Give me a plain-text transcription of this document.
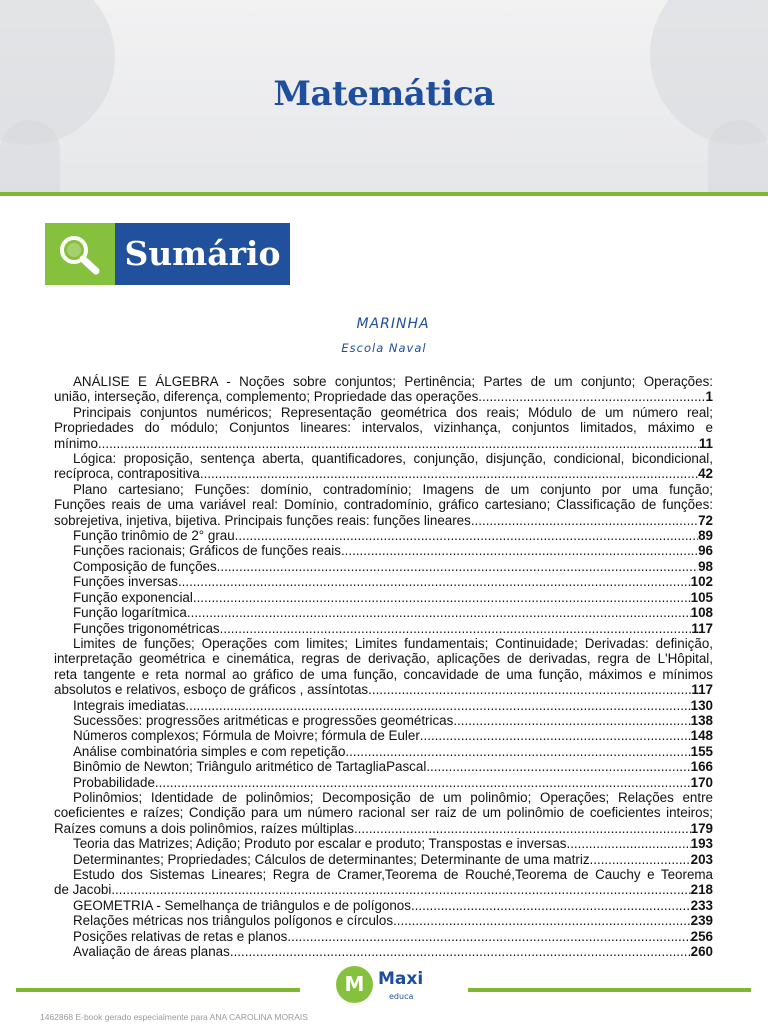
Matemática
Sumário
MARINHA
Escola Naval
ANÁLISE E ÁLGEBRA - Noções sobre conjuntos; Pertinência; Partes de um conjunto; Operações:
união, interseção, diferença, complemento; Propriedade das operações .....	1
Principais conjuntos numéricos; Representação geométrica dos reais; Módulo de um número real;
Propriedades do módulo; Conjuntos lineares: intervalos, vizinhança, conjuntos limitados, máximo e
mínimo .....	11
Lógica: proposição, sentença aberta, quantificadores, conjunção, disjunção, condicional, bicondicional,
recíproca, contrapositiva .....	42
Plano cartesiano; Funções: domínio, contradomínio; Imagens de um conjunto por uma função;
Funções reais de uma variável real: Domínio, contradomínio, gráfico cartesiano; Classificação de funções:
sobrejetiva, injetiva, bijetiva. Principais funções reais: funções lineares .....	72
Função trinômio de 2° grau .....	89
Funções racionais; Gráficos de funções reais .....	96
Composição de funções .....	98
Funções inversas .....	102
Função exponencial .....	105
Função logarítmica .....	108
Funções trigonométricas .....	117
Limites de funções; Operações com limites; Limites fundamentais; Continuidade; Derivadas: definição,
interpretação geométrica e cinemática, regras de derivação, aplicações de derivadas, regra de L'Hôpital,
reta tangente e reta normal ao gráfico de uma função, concavidade de uma função, máximos e mínimos
absolutos e relativos, esboço de gráficos , assíntotas .....	117
Integrais imediatas .....	130
Sucessões: progressões aritméticas e progressões geométricas .....	138
Números complexos; Fórmula de Moivre; fórmula de Euler .....	148
Análise combinatória simples e com repetição .....	155
Binômio de Newton; Triângulo aritmético de TartagliaPascal .....	166
Probabilidade .....	170
Polinômios; Identidade de polinômios; Decomposição de um polinômio; Operações; Relações entre
coeficientes e raízes; Condição para um número racional ser raiz de um polinômio de coeficientes inteiros;
Raízes comuns a dois polinômios, raízes múltiplas .....	179
Teoria das Matrizes; Adição; Produto por escalar e produto; Transpostas e inversas .....	193
Determinantes; Propriedades; Cálculos de determinantes; Determinante de uma matriz .....	203
Estudo dos Sistemas Lineares; Regra de Cramer,Teorema de Rouché,Teorema de Cauchy e Teorema
de Jacobi .....	218
GEOMETRIA - Semelhança de triângulos e de polígonos .....	233
Relações métricas nos triângulos polígonos e círculos .....	239
Posições relativas de retas e planos .....	256
Avaliação de áreas planas .....	260
M Maxi
educa
1462868 E-book gerado especialmente para ANA CAROLINA MORAIS
